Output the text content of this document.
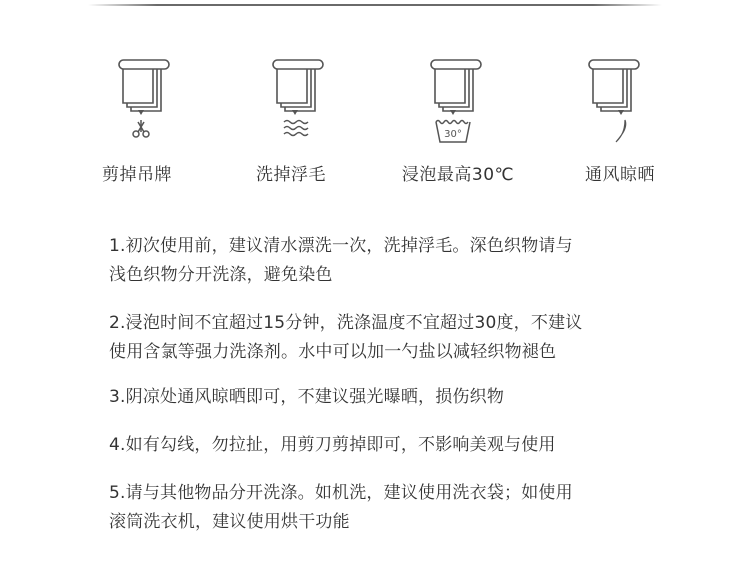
剪掉吊牌	洗掉浮毛
30°
浸泡最高30℃	通风晾晒
1.初次使用前，建议清水漂洗一次，洗掉浮毛。深色织物请与
浅色织物分开洗涤，避免染色
2.浸泡时间不宜超过15分钟，洗涤温度不宜超过30度，不建议
使用含氯等强力洗涤剂。水中可以加一勺盐以减轻织物褪色
3.阴凉处通风晾晒即可，不建议强光曝晒，损伤织物
4.如有勾线，勿拉扯，用剪刀剪掉即可，不影响美观与使用
5.请与其他物品分开洗涤。如机洗，建议使用洗衣袋；如使用
滚筒洗衣机，建议使用烘干功能
